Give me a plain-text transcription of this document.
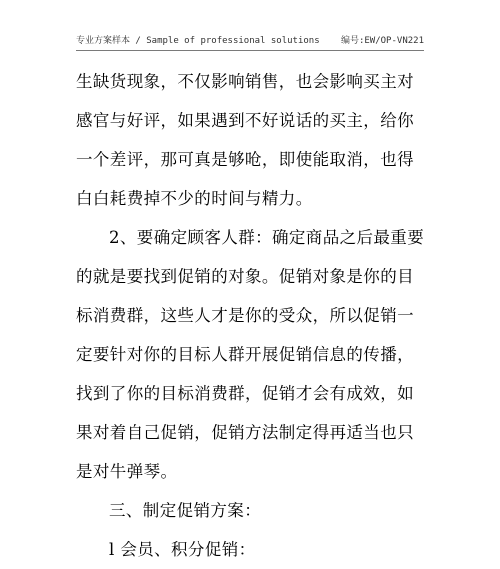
专业方案样本 / Sample of professional solutions 编号:EW/OP-VN221
生缺货现象，不仅影响销售，也会影响买主对
感官与好评，如果遇到不好说话的买主，给你
一个差评，那可真是够呛，即使能取消，也得
白白耗费掉不少的时间与精力。
2、要确定顾客人群：确定商品之后最重要
的就是要找到促销的对象。促销对象是你的目
标消费群，这些人才是你的受众，所以促销一
定要针对你的目标人群开展促销信息的传播，
找到了你的目标消费群，促销才会有成效，如
果对着自己促销，促销方法制定得再适当也只
是对牛弹琴。
三、制定促销方案：
l 会员、积分促销：
